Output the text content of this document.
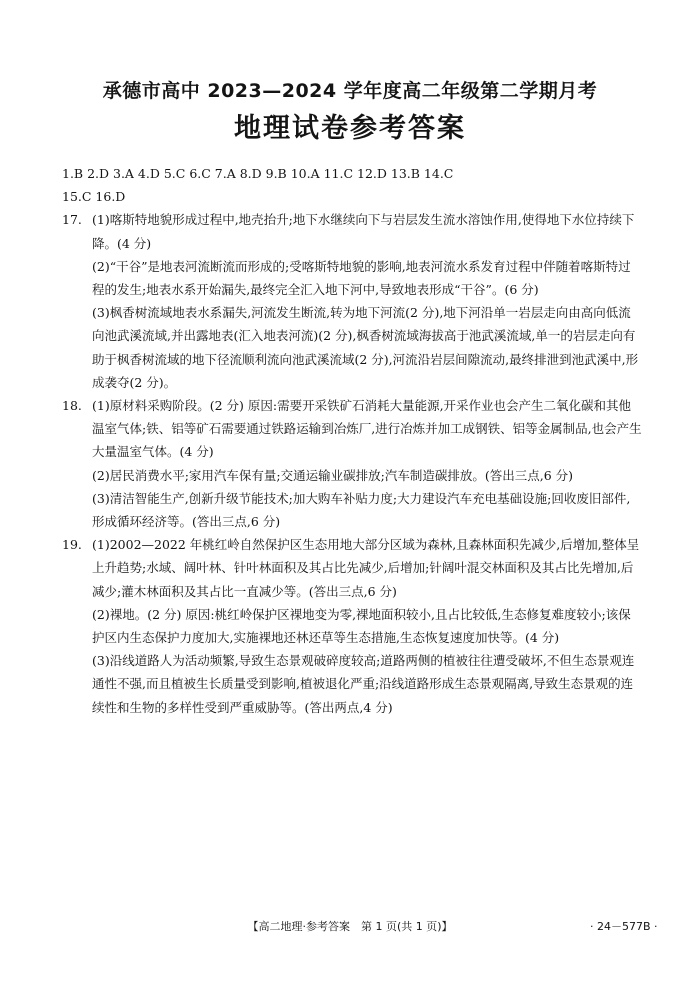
承德市高中 2023—2024 学年度高二年级第二学期月考
地理试卷参考答案

1.B 2.D 3.A 4.D 5.C 6.C 7.A 8.D 9.B 10.A 11.C 12.D 13.B 14.C

15.C 16.D

17. (1)喀斯特地貌形成过程中,地壳抬升;地下水继续向下与岩层发生流水溶蚀作用,使得地下水位持续下降。(4 分)

(2)“干谷”是地表河流断流而形成的;受喀斯特地貌的影响,地表河流水系发育过程中伴随着喀斯特过程的发生;地表水系开始漏失,最终完全汇入地下河中,导致地表形成“干谷”。(6 分)

(3)枫香树流域地表水系漏失,河流发生断流,转为地下河流(2 分),地下河沿单一岩层走向由高向低流向池武溪流域,并出露地表(汇入地表河流)(2 分),枫香树流域海拔高于池武溪流域,单一的岩层走向有助于枫香树流域的地下径流顺利流向池武溪流域(2 分),河流沿岩层间隙流动,最终排泄到池武溪中,形成袭夺(2 分)。

18. (1)原材料采购阶段。(2 分) 原因:需要开采铁矿石消耗大量能源,开采作业也会产生二氧化碳和其他温室气体;铁、铝等矿石需要通过铁路运输到冶炼厂,进行冶炼并加工成钢铁、铝等金属制品,也会产生大量温室气体。(4 分)

(2)居民消费水平;家用汽车保有量;交通运输业碳排放;汽车制造碳排放。(答出三点,6 分)

(3)清洁智能生产,创新升级节能技术;加大购车补贴力度;大力建设汽车充电基础设施;回收废旧部件,形成循环经济等。(答出三点,6 分)

19. (1)2002—2022 年桃红岭自然保护区生态用地大部分区域为森林,且森林面积先减少,后增加,整体呈上升趋势;水域、阔叶林、针叶林面积及其占比先减少,后增加;针阔叶混交林面积及其占比先增加,后减少;灌木林面积及其占比一直减少等。(答出三点,6 分)

(2)裸地。(2 分) 原因:桃红岭保护区裸地变为零,裸地面积较小,且占比较低,生态修复难度较小;该保护区内生态保护力度加大,实施裸地还林还草等生态措施,生态恢复速度加快等。(4 分)

(3)沿线道路人为活动频繁,导致生态景观破碎度较高;道路两侧的植被往往遭受破坏,不但生态景观连通性不强,而且植被生长质量受到影响,植被退化严重;沿线道路形成生态景观隔离,导致生态景观的连续性和生物的多样性受到严重威胁等。(答出两点,4 分)

【高二地理·参考答案　第 1 页(共 1 页)】	· 24－577B ·
